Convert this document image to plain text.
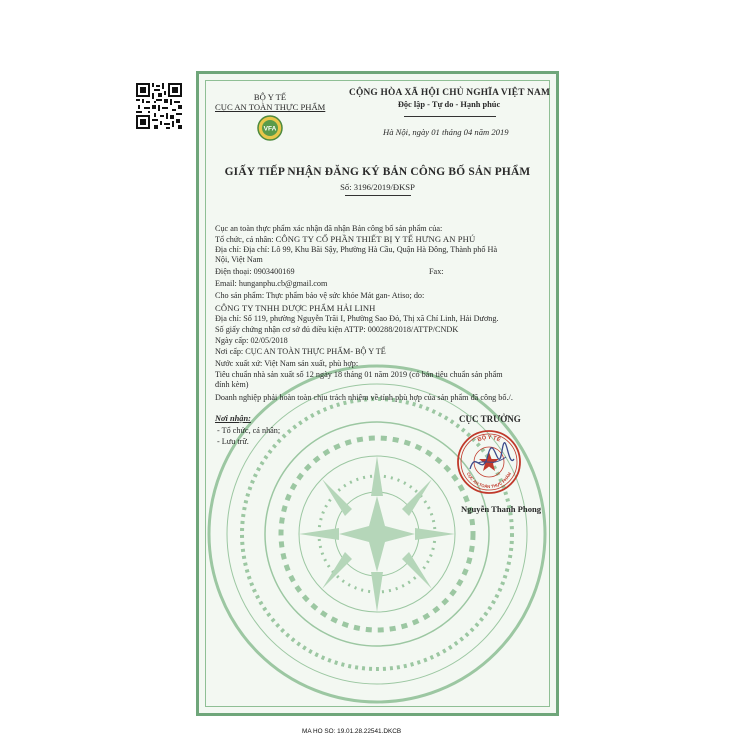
BỘ Y TẾ
CỤC AN TOÀN THỰC PHẨM
VFA
CỘNG HÒA XÃ HỘI CHỦ NGHĨA VIỆT NAM
Độc lập - Tự do - Hạnh phúc
Hà Nội, ngày 01 tháng 04 năm 2019
GIẤY TIẾP NHẬN ĐĂNG KÝ BẢN CÔNG BỐ SẢN PHẨM
Số: 3196/2019/ĐKSP
Cục an toàn thực phẩm xác nhận đã nhận Bản công bố sản phẩm của:
Tổ chức, cá nhân: CÔNG TY CỔ PHẦN THIẾT BỊ Y TẾ HƯNG AN PHÚ
Địa chỉ: Địa chỉ: Lô 99, Khu Bãi Sậy, Phường Hà Cầu, Quận Hà Đông, Thành phố Hà
Nội, Việt Nam
Điện thoại: 0903400169	Fax:
Email: hunganphu.cb@gmail.com
Cho sản phẩm: Thực phẩm bảo vệ sức khỏe Mát gan- Atiso; do:
CÔNG TY TNHH DƯỢC PHẨM HẢI LINH
Địa chỉ: Số 119, phường Nguyễn Trãi I, Phường Sao Đỏ, Thị xã Chí Linh, Hải Dương.
Số giấy chứng nhận cơ sở đủ điều kiện ATTP: 000288/2018/ATTP/CNDK
Ngày cấp: 02/05/2018
Nơi cấp: CỤC AN TOÀN THỰC PHẨM- BỘ Y TẾ
Nước xuất xứ: Việt Nam sản xuất, phù hợp:
Tiêu chuẩn nhà sản xuất số 12 ngày 18 tháng 01 năm 2019 (có bản tiêu chuẩn sản phẩm
đính kèm)
Doanh nghiệp phải hoàn toàn chịu trách nhiệm về tính phù hợp của sản phẩm đã công bố./.
Nơi nhận:
- Tổ chức, cá nhân;
- Lưu trữ.
CỤC TRƯỞNG
BỘ Y TẾ
CỤC AN TOÀN THỰC PHẨM
Nguyễn Thanh Phong
MA HO SO: 19.01.28.22541.DKCB
